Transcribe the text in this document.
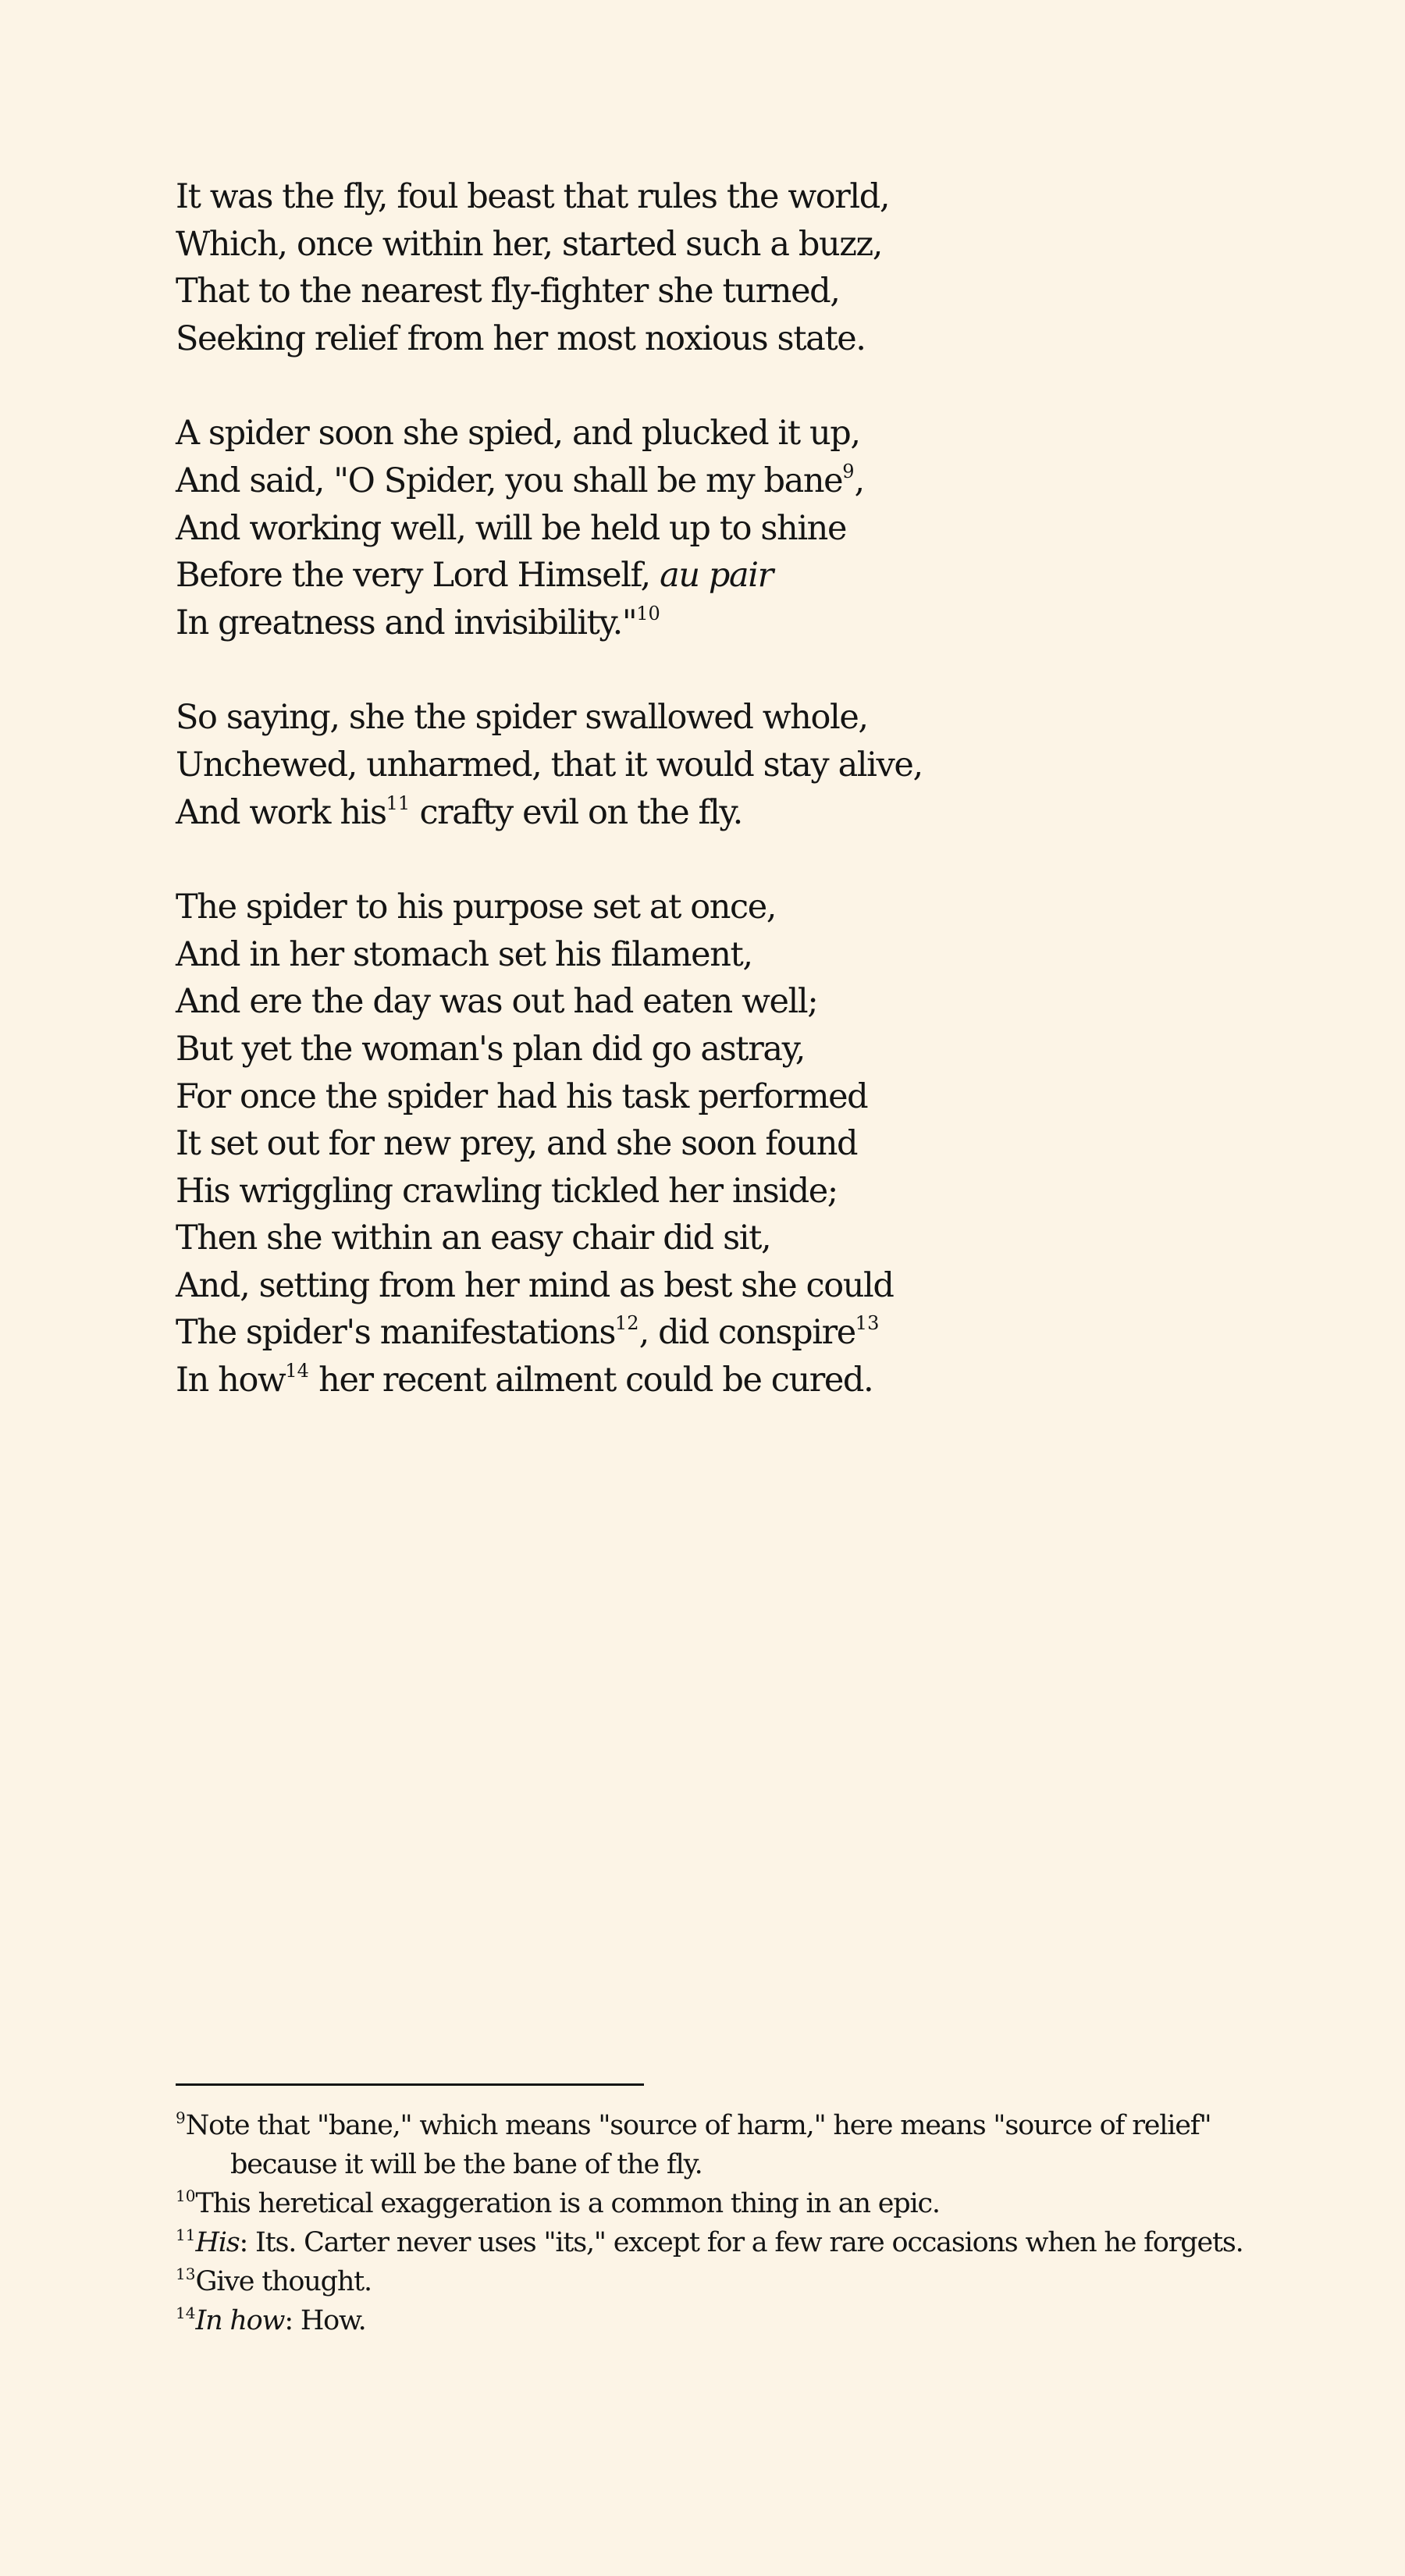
It was the fly, foul beast that rules the world,
Which, once within her, started such a buzz,
That to the nearest fly-fighter she turned,
Seeking relief from her most noxious state.
A spider soon she spied, and plucked it up,
And said, "O Spider, you shall be my bane$^9$,
And working well, will be held up to shine
Before the very Lord Himself, au pair
In greatness and invisibility."$^{10}$
So saying, she the spider swallowed whole,
Unchewed, unharmed, that it would stay alive,
And work his$^{11}$ crafty evil on the fly.
The spider to his purpose set at once,
And in her stomach set his filament,
And ere the day was out had eaten well;
But yet the woman's plan did go astray,
For once the spider had his task performed
It set out for new prey, and she soon found
His wriggling crawling tickled her inside;
Then she within an easy chair did sit,
And, setting from her mind as best she could
The spider's manifestations$^{12}$, did conspire$^{13}$
In how$^{14}$ her recent ailment could be cured.
$^9$Note that "bane," which means "source of harm," here means "source of relief" because it will be the bane of the fly.
$^{10}$This heretical exaggeration is a common thing in an epic.
$^{11}$His: Its. Carter never uses "its," except for a few rare occasions when he forgets.
$^{13}$Give thought.
$^{14}$In how: How.
